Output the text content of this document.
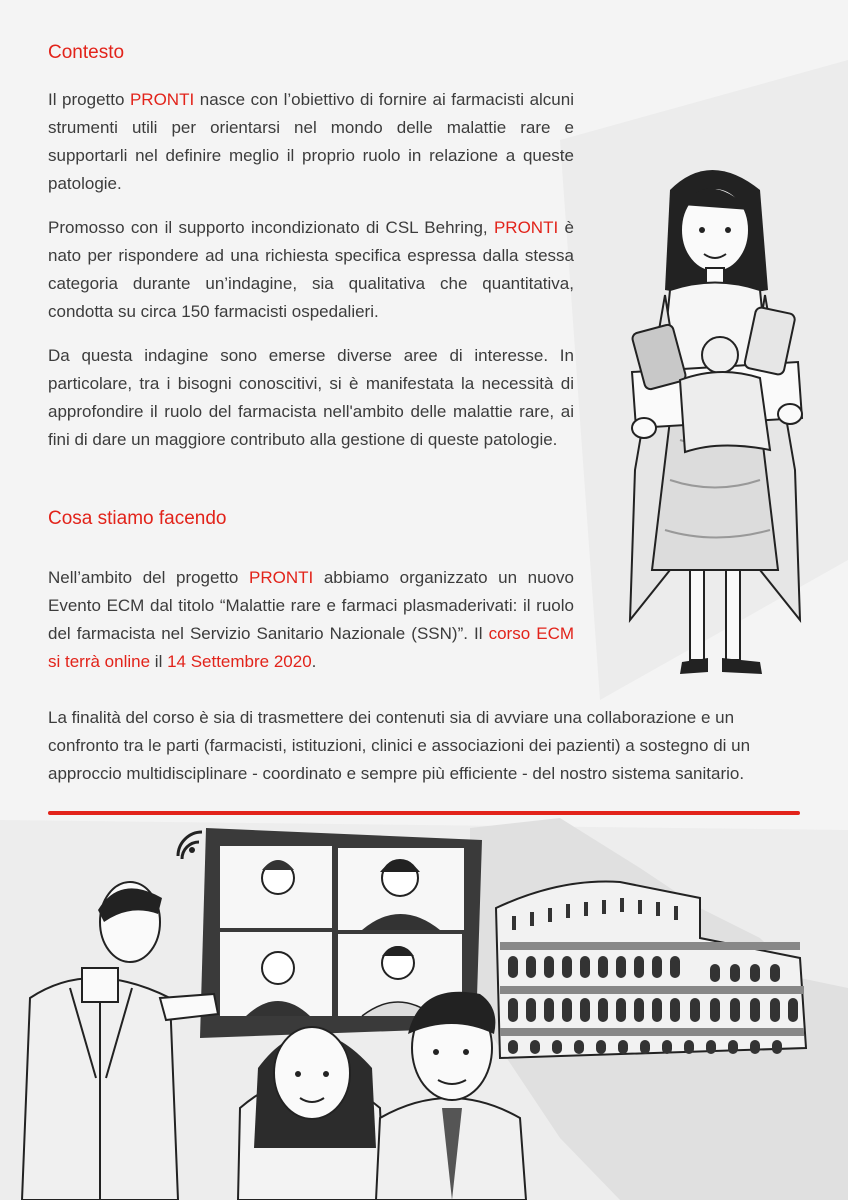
Contesto

Il progetto PRONTI nasce con l’obiettivo di fornire ai farmacisti alcuni strumenti utili per orientarsi nel mondo delle malattie rare e supportarli nel definire meglio il proprio ruolo in relazione a queste patologie.

Promosso con il supporto incondizionato di CSL Behring, PRONTI è nato per rispondere ad una richiesta specifica espressa dalla stessa categoria durante un’indagine, sia qualitativa che quantitativa, condotta su circa 150 farmacisti ospedalieri.

Da questa indagine sono emerse diverse aree di interesse. In particolare, tra i bisogni conoscitivi, si è manifestata la necessità di approfondire il ruolo del farmacista nell'ambito delle malattie rare, ai fini di dare un maggiore contributo alla gestione di queste patologie.

Cosa stiamo facendo

Nell’ambito del progetto PRONTI abbiamo organizzato un nuovo Evento ECM dal titolo “Malattie rare e farmaci plasmaderivati: il ruolo del farmacista nel Servizio Sanitario Nazionale (SSN)”. Il corso ECM si terrà online il 14 Settembre 2020.

La finalità del corso è sia di trasmettere dei contenuti sia di avviare una collaborazione e un confronto tra le parti (farmacisti, istituzioni, clinici e associazioni dei pazienti) a sostegno di un approccio multidisciplinare - coordinato e sempre più efficiente - del nostro sistema sanitario.
